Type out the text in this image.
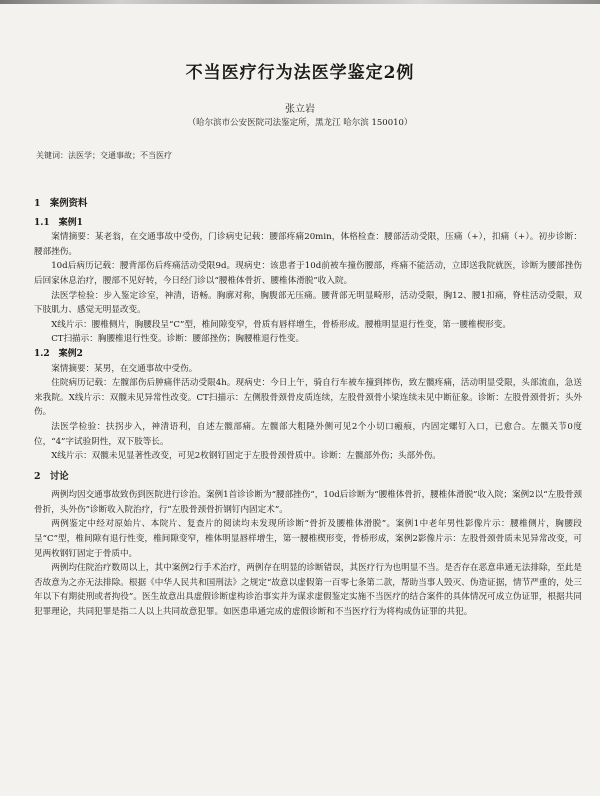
不当医疗行为法医学鉴定2例
张立岩
（哈尔滨市公安医院司法鉴定所，黑龙江 哈尔滨 150010）
关键词：法医学；交通事故；不当医疗

1　案例资料

1.1　案例1

案情摘要：某老翁，在交通事故中受伤，门诊病史记载：腰部疼痛20min，体格检查：腰部活动受限，压痛（+），扣痛（+）。初步诊断：腰部挫伤。

10d后病历记载：腰背部伤后疼痛活动受限9d。现病史：该患者于10d前被车撞伤腰部，疼痛不能活动，立即送我院就医，诊断为腰部挫伤后回家休息治疗，腰部不见好转，今日经门诊以“腰椎体骨折、腰椎体滑脱”收入院。

法医学检验：步入鉴定诊室，神清，语畅。胸廓对称，胸腹部无压痛。腰背部无明显畸形，活动受限，胸12、腰1扣痛，脊柱活动受限，双下肢肌力、感觉无明显改变。

X线片示：腰椎侧片，胸腰段呈“C”型，椎间隙变窄，骨质有唇样增生，骨桥形成。腰椎明显退行性变，第一腰椎楔形变。

CT扫描示：胸腰椎退行性变。诊断：腰部挫伤；胸腰椎退行性变。

1.2　案例2

案情摘要：某男，在交通事故中受伤。

住院病历记载：左髋部伤后肿痛伴活动受限4h。现病史：今日上午，骑自行车被车撞到摔伤，致左髋疼痛，活动明显受限，头部流血，急送来我院。X线片示：双髋未见异常性改变。CT扫描示：左侧股骨颈骨皮质连续，左股骨颈骨小梁连续未见中断征象。诊断：左股骨颈骨折；头外伤。

法医学检验：扶拐步入，神清语利，自述左髋部痛。左髋部大粗隆外侧可见2个小切口瘢痕，内固定螺钉入口，已愈合。左髋关节0度位，“4”字试验阴性，双下肢等长。

X线片示：双髋未见显著性改变，可见2枚钢钉固定于左股骨颈骨质中。诊断：左髋部外伤；头部外伤。

2　讨论

两例均因交通事故致伤到医院进行诊治。案例1首诊诊断为“腰部挫伤”，10d后诊断为“腰椎体骨折，腰椎体滑脱”收入院；案例2以“左股骨颈骨折，头外伤”诊断收入院治疗，行“左股骨颈骨折钢钉内固定术”。

两例鉴定中经对原始片、本院片、复查片的阅读均未发现所诊断“骨折及腰椎体滑脱”。案例1中老年男性影像片示：腰椎侧片，胸腰段呈“C”型，椎间隙有退行性变，椎间隙变窄，椎体明显唇样增生，第一腰椎楔形变，骨桥形成，案例2影像片示：左股骨颈骨质未见异常改变，可见两枚钢钉固定于骨质中。

两例均住院治疗数周以上，其中案例2行手术治疗，两例存在明显的诊断错误，其医疗行为也明显不当。是否存在恶意串通无法排除，至此是否故意为之亦无法排除。根据《中华人民共和国刑法》之规定“故意以虚假第一百零七条第二款，帮助当事人毁灭、伪造证据，情节严重的，处三年以下有期徒刑或者拘役”。医生故意出具虚假诊断虚构诊治事实并为谋求虚假鉴定实施不当医疗的结合案件的具体情况可成立伪证罪，根据共同犯罪理论，共同犯罪是指二人以上共同故意犯罪。如医患串通完成的虚假诊断和不当医疗行为将构成伪证罪的共犯。
